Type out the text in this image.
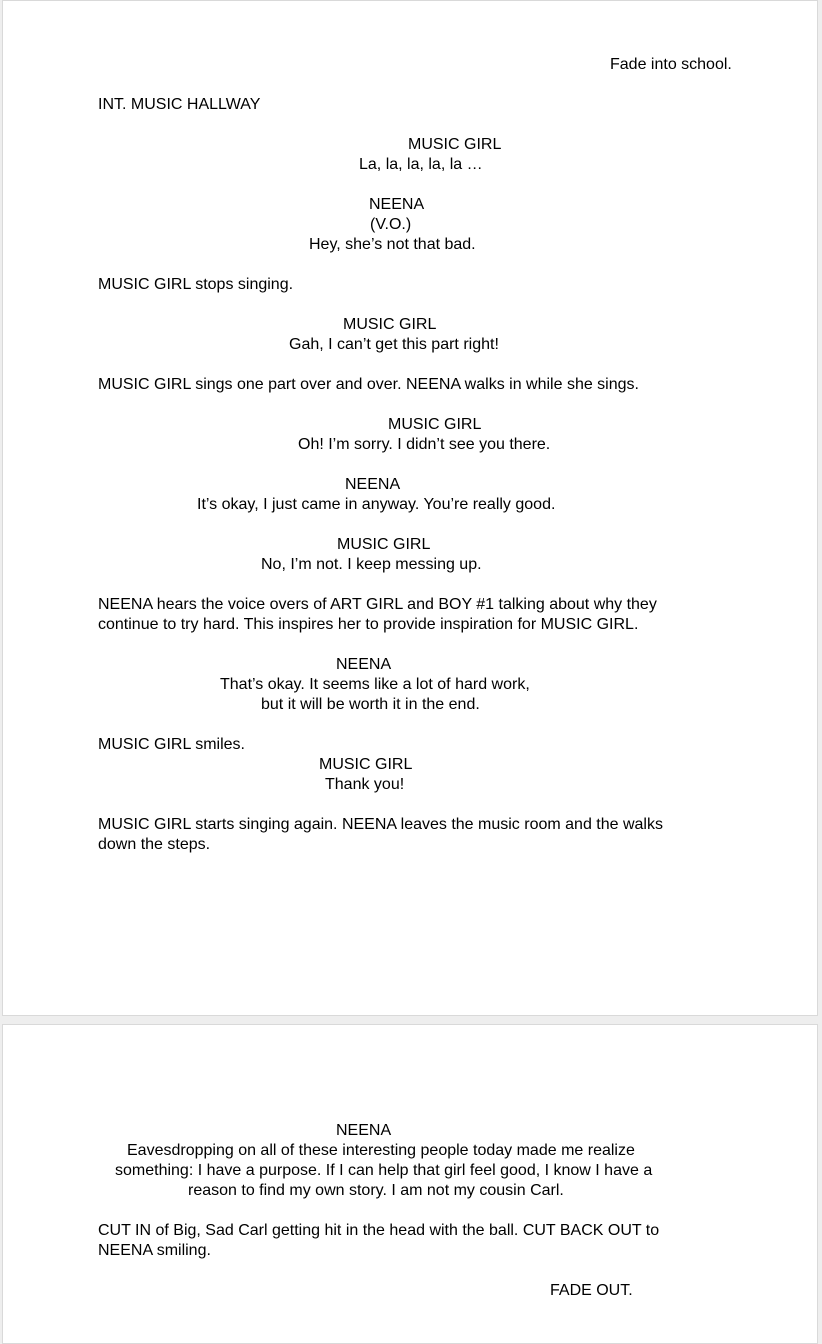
Fade into school.
INT. MUSIC HALLWAY
MUSIC GIRL
La, la, la, la, la …
NEENA
(V.O.)
Hey, she’s not that bad.
MUSIC GIRL stops singing.
MUSIC GIRL
Gah, I can’t get this part right!
MUSIC GIRL sings one part over and over. NEENA walks in while she sings.
MUSIC GIRL
Oh! I’m sorry. I didn’t see you there.
NEENA
It’s okay, I just came in anyway. You’re really good.
MUSIC GIRL
No, I’m not. I keep messing up.
NEENA hears the voice overs of ART GIRL and BOY #1 talking about why they
continue to try hard. This inspires her to provide inspiration for MUSIC GIRL.
NEENA
That’s okay. It seems like a lot of hard work,
but it will be worth it in the end.
MUSIC GIRL smiles.
MUSIC GIRL
Thank you!
MUSIC GIRL starts singing again. NEENA leaves the music room and the walks
down the steps.
NEENA
Eavesdropping on all of these interesting people today made me realize
something: I have a purpose. If I can help that girl feel good, I know I have a
reason to find my own story. I am not my cousin Carl.
CUT IN of Big, Sad Carl getting hit in the head with the ball. CUT BACK OUT to
NEENA smiling.
FADE OUT.
